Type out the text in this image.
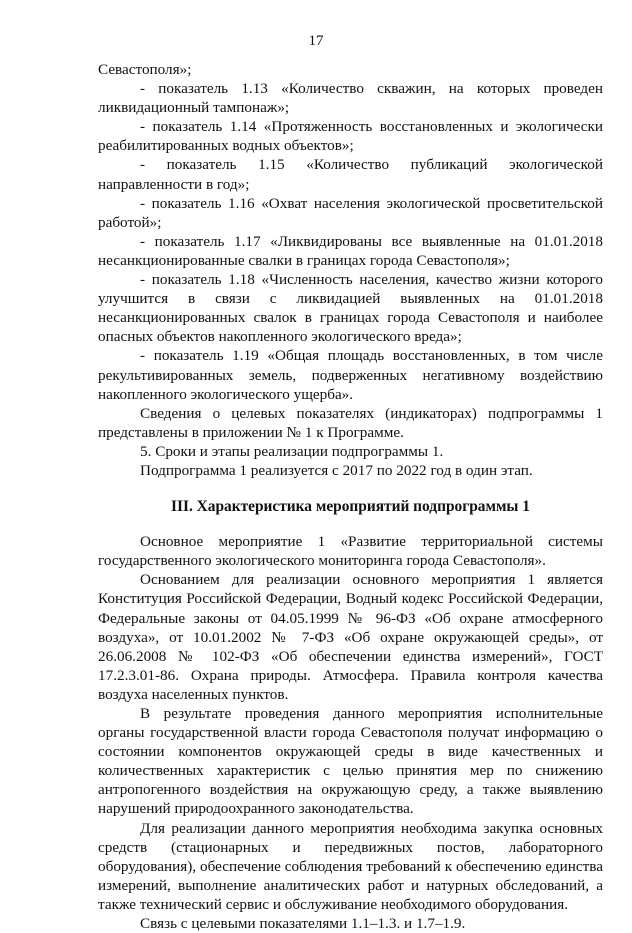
17

Севастополя»;

- показатель 1.13 «Количество скважин, на которых проведен ликвидационный тампонаж»;

- показатель 1.14 «Протяженность восстановленных и экологически реабилитированных водных объектов»;

- показатель 1.15 «Количество публикаций экологической направленности в год»;

- показатель 1.16 «Охват населения экологической просветительской работой»;

- показатель 1.17 «Ликвидированы все выявленные на 01.01.2018 несанкционированные свалки в границах города Севастополя»;

- показатель 1.18 «Численность населения, качество жизни которого улучшится в связи с ликвидацией выявленных на 01.01.2018 несанкционированных свалок в границах города Севастополя и наиболее опасных объектов накопленного экологического вреда»;

- показатель 1.19 «Общая площадь восстановленных, в том числе рекультивированных земель, подверженных негативному воздействию накопленного экологического ущерба».

Сведения о целевых показателях (индикаторах) подпрограммы 1 представлены в приложении № 1 к Программе.

5. Сроки и этапы реализации подпрограммы 1.

Подпрограмма 1 реализуется с 2017 по 2022 год в один этап.

III. Характеристика мероприятий подпрограммы 1

Основное мероприятие 1 «Развитие территориальной системы государственного экологического мониторинга города Севастополя».

Основанием для реализации основного мероприятия 1 является Конституция Российской Федерации, Водный кодекс Российской Федерации, Федеральные законы от 04.05.1999 № 96-ФЗ «Об охране атмосферного воздуха», от 10.01.2002 № 7-ФЗ «Об охране окружающей среды», от 26.06.2008 № 102-ФЗ «Об обеспечении единства измерений», ГОСТ 17.2.3.01-86. Охрана природы. Атмосфера. Правила контроля качества воздуха населенных пунктов.

В результате проведения данного мероприятия исполнительные органы государственной власти города Севастополя получат информацию о состоянии компонентов окружающей среды в виде качественных и количественных характеристик с целью принятия мер по снижению антропогенного воздействия на окружающую среду, а также выявлению нарушений природоохранного законодательства.

Для реализации данного мероприятия необходима закупка основных средств (стационарных и передвижных постов, лабораторного оборудования), обеспечение соблюдения требований к обеспечению единства измерений, выполнение аналитических работ и натурных обследований, а также технический сервис и обслуживание необходимого оборудования.

Связь с целевыми показателями 1.1–1.3. и 1.7–1.9.
